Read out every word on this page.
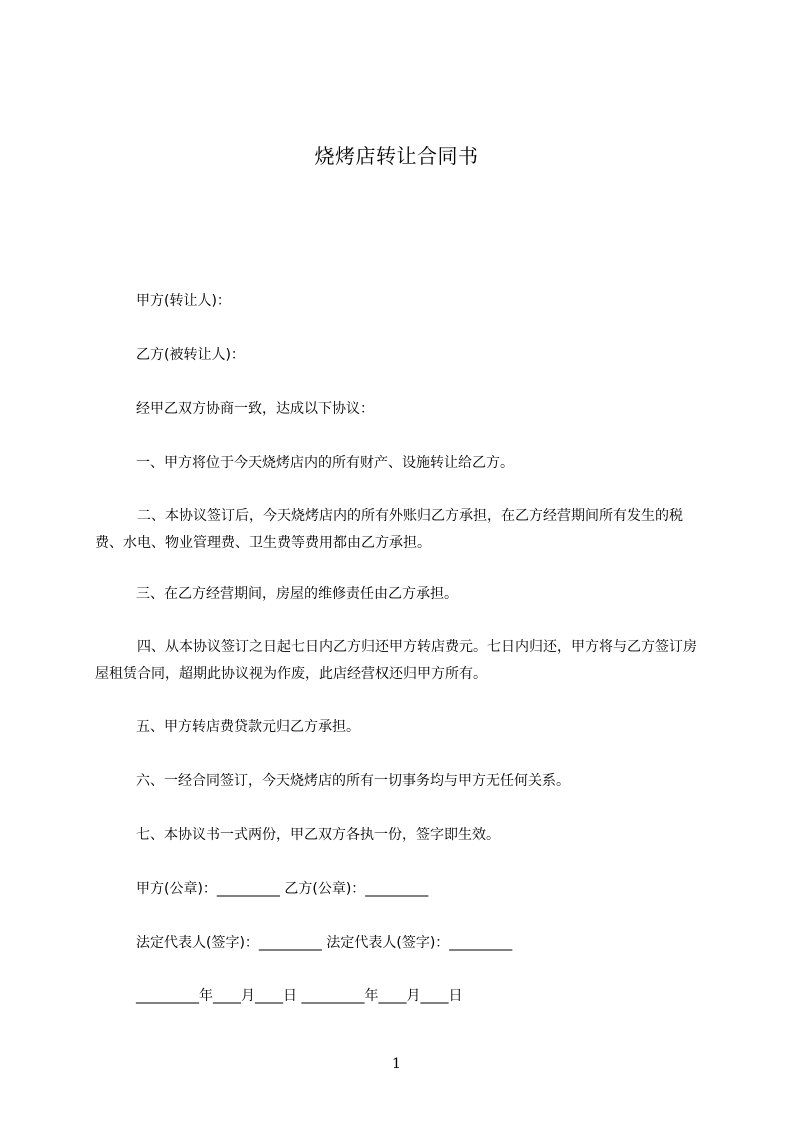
烧烤店转让合同书
甲方(转让人)：
乙方(被转让人)：
经甲乙双方协商一致，达成以下协议：
一、甲方将位于今天烧烤店内的所有财产、设施转让给乙方。
二、本协议签订后，今天烧烤店内的所有外账归乙方承担，在乙方经营期间所有发生的税费、水电、物业管理费、卫生费等费用都由乙方承担。
三、在乙方经营期间，房屋的维修责任由乙方承担。
四、从本协议签订之日起七日内乙方归还甲方转店费元。七日内归还，甲方将与乙方签订房屋租赁合同，超期此协议视为作废，此店经营权还归甲方所有。
五、甲方转店费贷款元归乙方承担。
六、一经合同签订，今天烧烤店的所有一切事务均与甲方无任何关系。
七、本协议书一式两份，甲乙双方各执一份，签字即生效。
甲方(公章)：_________ 乙方(公章)：_________
法定代表人(签字)：_________ 法定代表人(签字)：_________
_________年____月____日 _________年____月____日
1
